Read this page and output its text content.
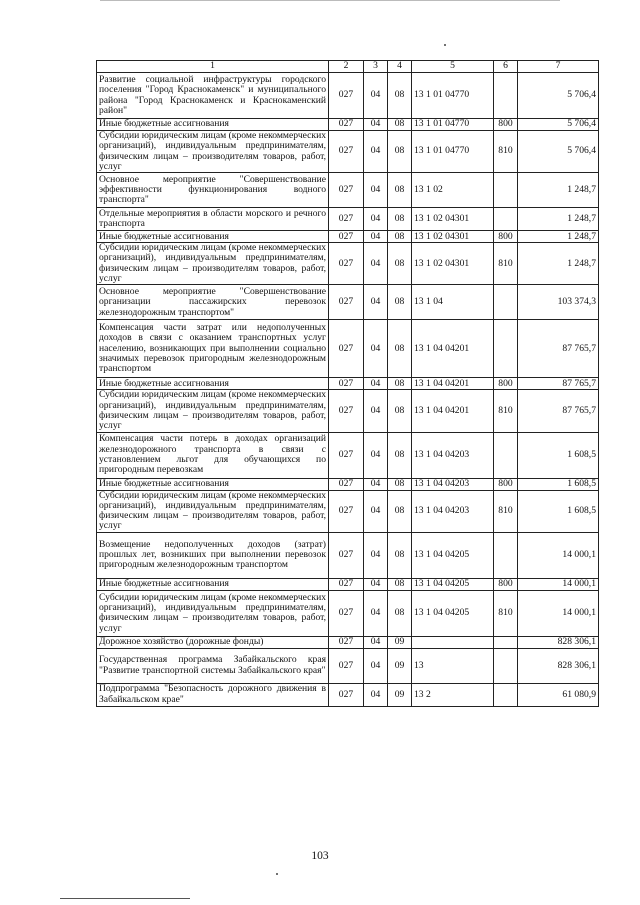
1	2	3	4	5	6	7
Развитие социальной инфраструктуры городского поселения "Город Краснокаменск" и муниципального района "Город Краснокаменск и Краснокаменский район"	027	04	08	13 1 01 04770		5 706,4
Иные бюджетные ассигнования	027	04	08	13 1 01 04770	800	5 706,4
Субсидии юридическим лицам (кроме некоммерческих организаций), индивидуальным предпринимателям, физическим лицам – производителям товаров, работ, услуг	027	04	08	13 1 01 04770	810	5 706,4
Основное мероприятие "Совершенствование эффективности функционирования водного транспорта"	027	04	08	13 1 02		1 248,7
Отдельные мероприятия в области морского и речного транспорта	027	04	08	13 1 02 04301		1 248,7
Иные бюджетные ассигнования	027	04	08	13 1 02 04301	800	1 248,7
Субсидии юридическим лицам (кроме некоммерческих организаций), индивидуальным предпринимателям, физическим лицам – производителям товаров, работ, услуг	027	04	08	13 1 02 04301	810	1 248,7
Основное мероприятие "Совершенствование организации пассажирских перевозок железнодорожным транспортом"	027	04	08	13 1 04		103 374,3
Компенсация части затрат или недополученных доходов в связи с оказанием транспортных услуг населению, возникающих при выполнении социально значимых перевозок пригородным железнодорожным транспортом	027	04	08	13 1 04 04201		87 765,7
Иные бюджетные ассигнования	027	04	08	13 1 04 04201	800	87 765,7
Субсидии юридическим лицам (кроме некоммерческих организаций), индивидуальным предпринимателям, физическим лицам – производителям товаров, работ, услуг	027	04	08	13 1 04 04201	810	87 765,7
Компенсация части потерь в доходах организаций железнодорожного транспорта в связи с установлением льгот для обучающихся по пригородным перевозкам	027	04	08	13 1 04 04203		1 608,5
Иные бюджетные ассигнования	027	04	08	13 1 04 04203	800	1 608,5
Субсидии юридическим лицам (кроме некоммерческих организаций), индивидуальным предпринимателям, физическим лицам – производителям товаров, работ, услуг	027	04	08	13 1 04 04203	810	1 608,5
Возмещение недополученных доходов (затрат) прошлых лет, возникших при выполнении перевозок пригородным железнодорожным транспортом	027	04	08	13 1 04 04205		14 000,1
Иные бюджетные ассигнования	027	04	08	13 1 04 04205	800	14 000,1
Субсидии юридическим лицам (кроме некоммерческих организаций), индивидуальным предпринимателям, физическим лицам – производителям товаров, работ, услуг	027	04	08	13 1 04 04205	810	14 000,1
Дорожное хозяйство (дорожные фонды)	027	04	09			828 306,1
Государственная программа Забайкальского края "Развитие транспортной системы Забайкальского края"	027	04	09	13		828 306,1
Подпрограмма "Безопасность дорожного движения в Забайкальском крае"	027	04	09	13 2		61 080,9
103
